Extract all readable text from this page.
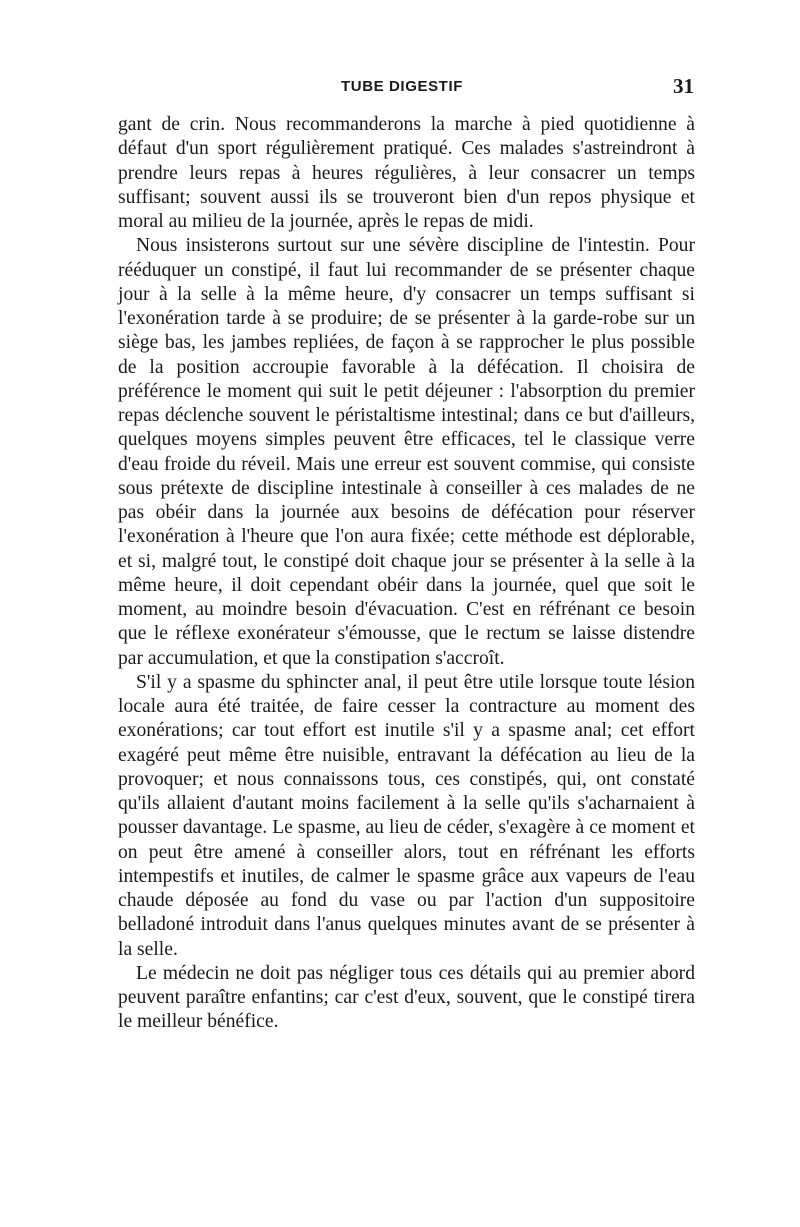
TUBE DIGESTIF	31

gant de crin. Nous recommanderons la marche à pied quotidienne à défaut d'un sport régulièrement pratiqué. Ces malades s'astreindront à prendre leurs repas à heures régulières, à leur consacrer un temps suffisant; souvent aussi ils se trouveront bien d'un repos physique et moral au milieu de la journée, après le repas de midi.

Nous insisterons surtout sur une sévère discipline de l'intestin. Pour rééduquer un constipé, il faut lui recommander de se présenter chaque jour à la selle à la même heure, d'y consacrer un temps suffisant si l'exonération tarde à se produire; de se présenter à la garde-robe sur un siège bas, les jambes repliées, de façon à se rapprocher le plus possible de la position accroupie favorable à la défécation. Il choisira de préférence le moment qui suit le petit déjeuner : l'absorption du premier repas déclenche souvent le péristaltisme intestinal; dans ce but d'ailleurs, quelques moyens simples peuvent être efficaces, tel le classique verre d'eau froide du réveil. Mais une erreur est souvent commise, qui consiste sous prétexte de discipline intestinale à conseiller à ces malades de ne pas obéir dans la journée aux besoins de défécation pour réserver l'exonération à l'heure que l'on aura fixée; cette méthode est déplorable, et si, malgré tout, le constipé doit chaque jour se présenter à la selle à la même heure, il doit cependant obéir dans la journée, quel que soit le moment, au moindre besoin d'évacuation. C'est en réfrénant ce besoin que le réflexe exonérateur s'émousse, que le rectum se laisse distendre par accumulation, et que la constipation s'accroît.

S'il y a spasme du sphincter anal, il peut être utile lorsque toute lésion locale aura été traitée, de faire cesser la contracture au moment des exonérations; car tout effort est inutile s'il y a spasme anal; cet effort exagéré peut même être nuisible, entravant la défécation au lieu de la provoquer; et nous connaissons tous, ces constipés, qui, ont constaté qu'ils allaient d'autant moins facilement à la selle qu'ils s'acharnaient à pousser davantage. Le spasme, au lieu de céder, s'exagère à ce moment et on peut être amené à conseiller alors, tout en réfrénant les efforts intempestifs et inutiles, de calmer le spasme grâce aux vapeurs de l'eau chaude déposée au fond du vase ou par l'action d'un suppositoire belladoné introduit dans l'anus quelques minutes avant de se présenter à la selle.

Le médecin ne doit pas négliger tous ces détails qui au premier abord peuvent paraître enfantins; car c'est d'eux, souvent, que le constipé tirera le meilleur bénéfice.
